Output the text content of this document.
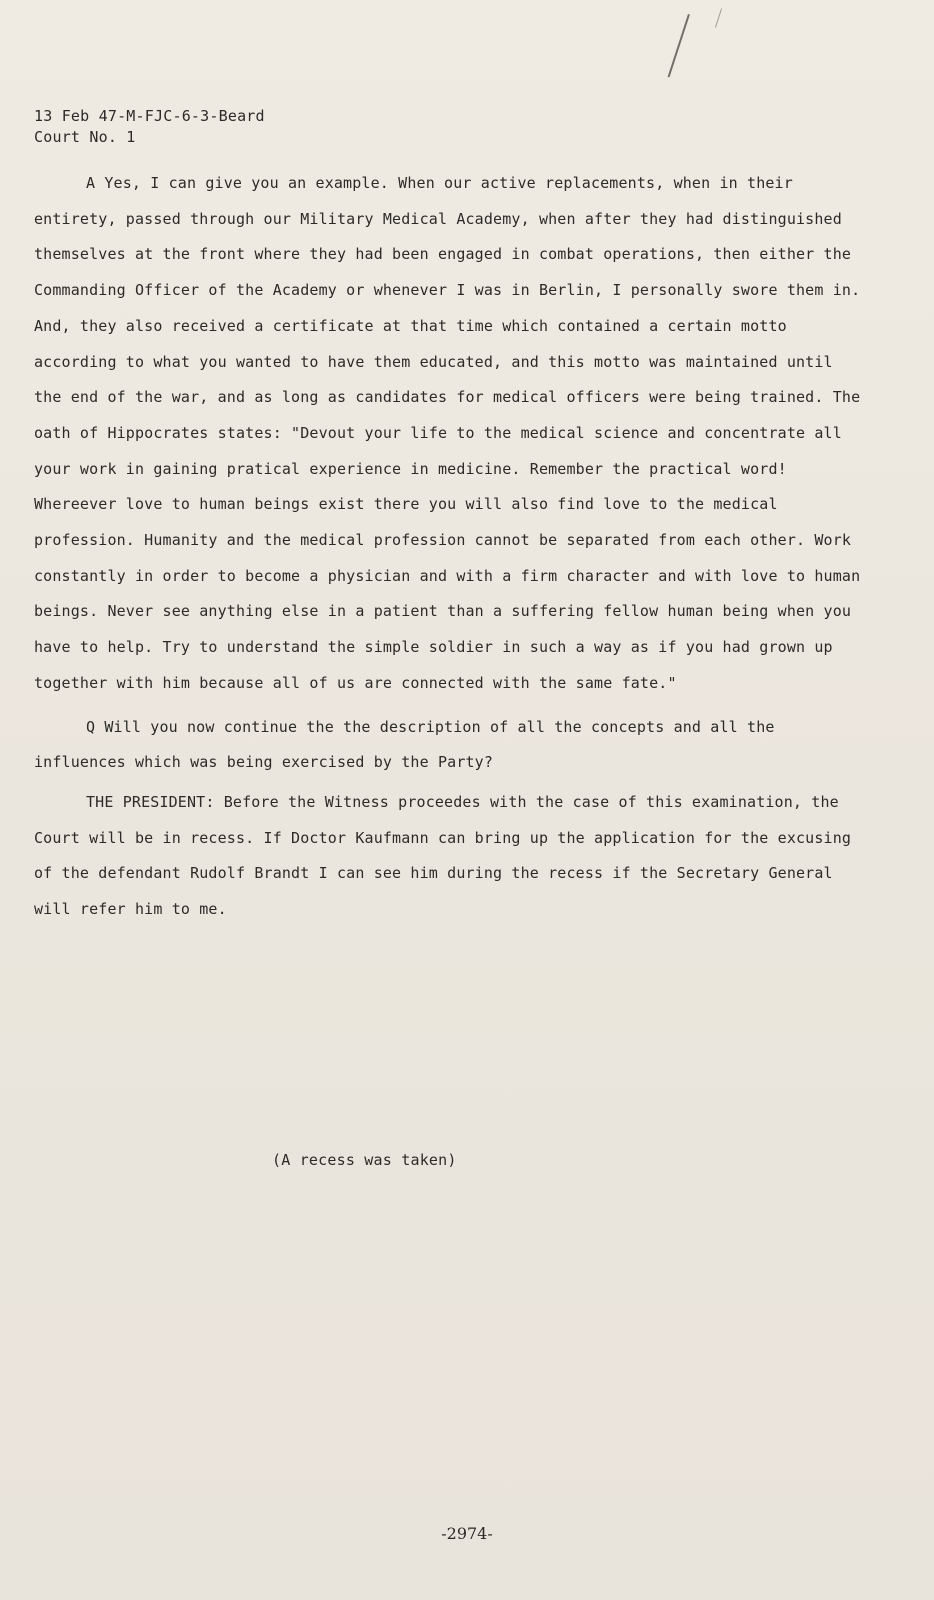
13 Feb 47-M-FJC-6-3-Beard
Court No. 1

A Yes, I can give you an example. When our active replacements, when in their entirety, passed through our Military Medical Academy, when after they had distinguished themselves at the front where they had been engaged in combat operations, then either the Commanding Officer of the Academy or whenever I was in Berlin, I personally swore them in. And, they also received a certificate at that time which contained a certain motto according to what you wanted to have them educated, and this motto was maintained until the end of the war, and as long as candidates for medical officers were being trained. The oath of Hippocrates states: "Devout your life to the medical science and concentrate all your work in gaining pratical experience in medicine. Remember the practical word! Whereever love to human beings exist there you will also find love to the medical profession. Humanity and the medical profession cannot be separated from each other. Work constantly in order to become a physician and with a firm character and with love to human beings. Never see anything else in a patient than a suffering fellow human being when you have to help. Try to understand the simple soldier in such a way as if you had grown up together with him because all of us are connected with the same fate."

Q Will you now continue the the description of all the concepts and all the influences which was being exercised by the Party?

THE PRESIDENT: Before the Witness proceedes with the case of this examination, the Court will be in recess. If Doctor Kaufmann can bring up the application for the excusing of the defendant Rudolf Brandt I can see him during the recess if the Secretary General will refer him to me.

(A recess was taken)
-2974-
